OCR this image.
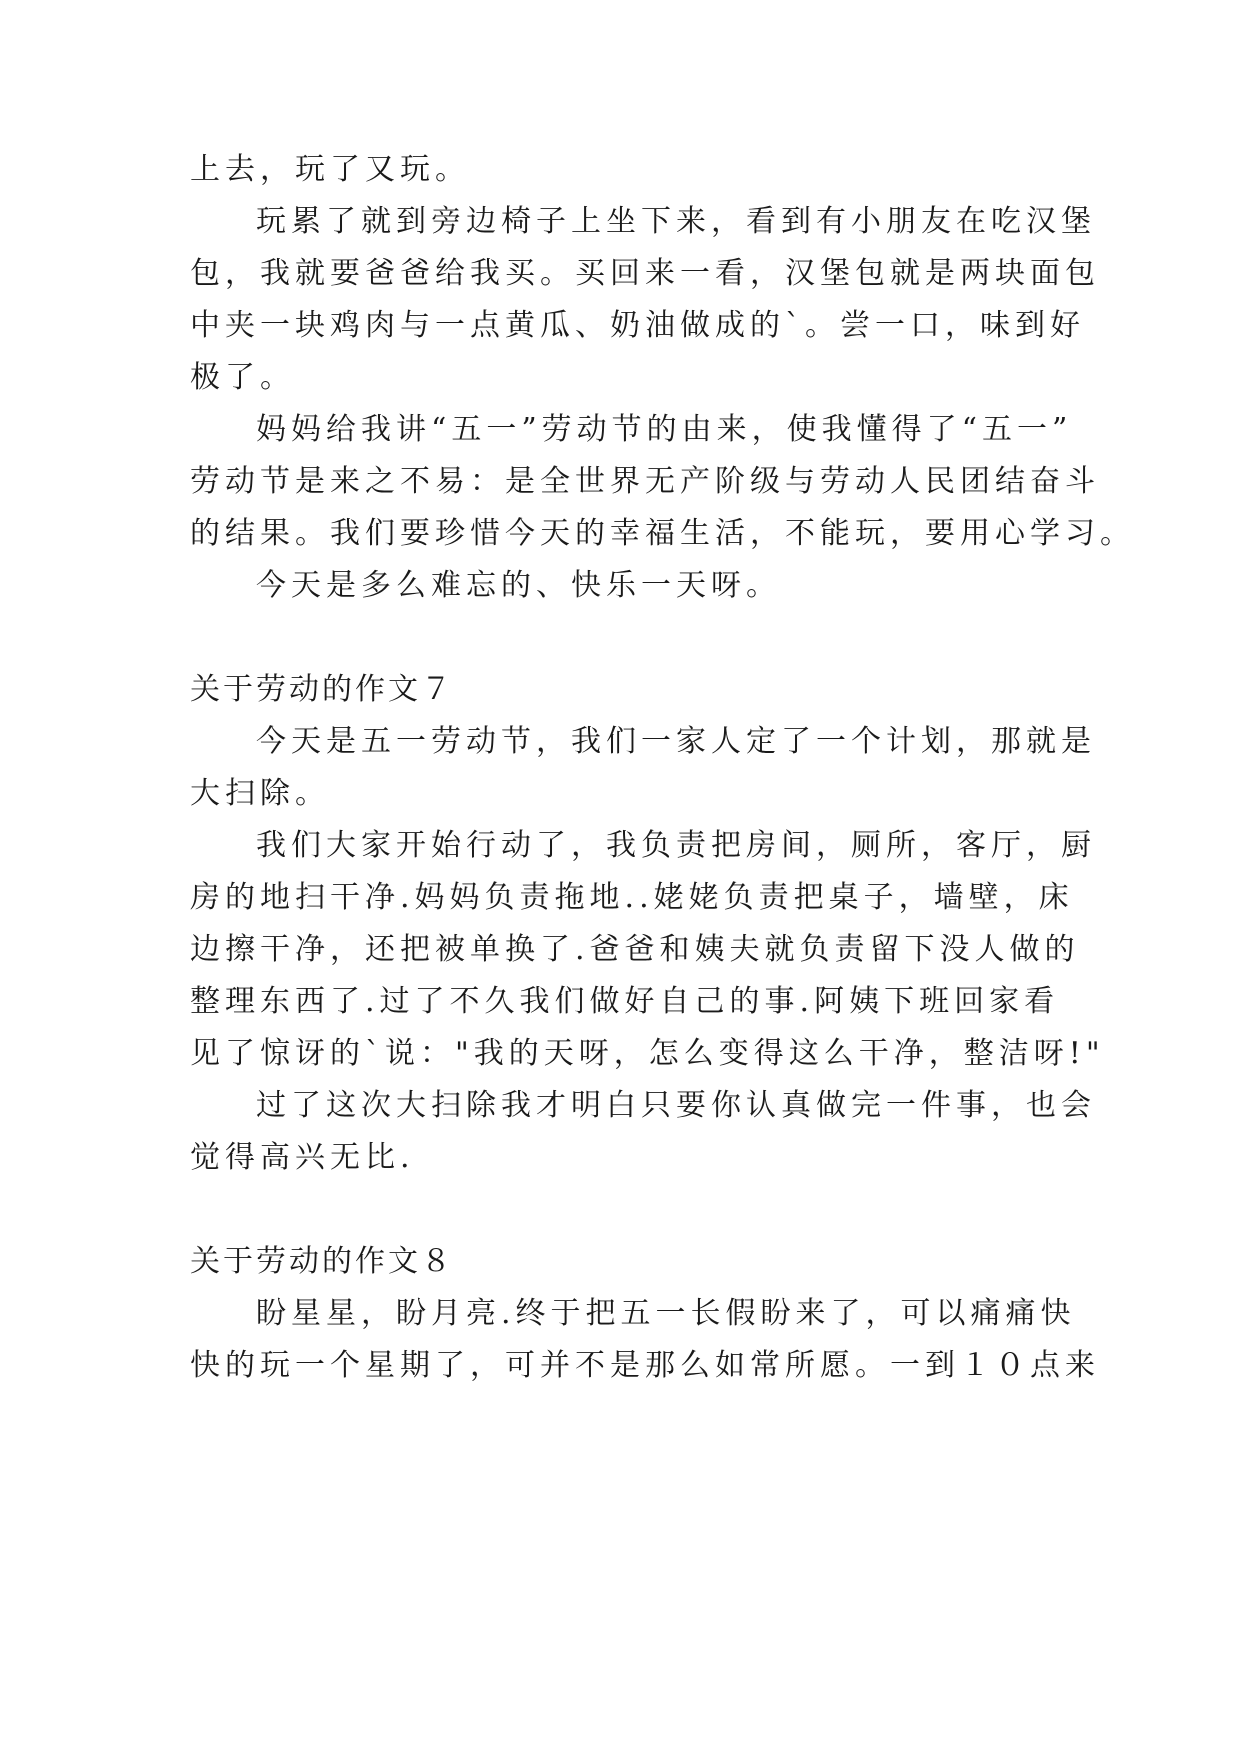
上去，玩了又玩。
玩累了就到旁边椅子上坐下来，看到有小朋友在吃汉堡
包，我就要爸爸给我买。买回来一看，汉堡包就是两块面包
中夹一块鸡肉与一点黄瓜、奶油做成的`。尝一口，味到好
极了。
妈妈给我讲“五一”劳动节的由来，使我懂得了“五一”
劳动节是来之不易：是全世界无产阶级与劳动人民团结奋斗
的结果。我们要珍惜今天的幸福生活，不能玩，要用心学习。
今天是多么难忘的、快乐一天呀。
关于劳动的作文７
今天是五一劳动节，我们一家人定了一个计划，那就是
大扫除。
我们大家开始行动了，我负责把房间，厕所，客厅，厨
房的地扫干净.妈妈负责拖地..姥姥负责把桌子，墙壁，床
边擦干净，还把被单换了.爸爸和姨夫就负责留下没人做的
整理东西了.过了不久我们做好自己的事.阿姨下班回家看
见了惊讶的`说："我的天呀，怎么变得这么干净，整洁呀!"
过了这次大扫除我才明白只要你认真做完一件事，也会
觉得高兴无比.
关于劳动的作文８
盼星星，盼月亮.终于把五一长假盼来了，可以痛痛快
快的玩一个星期了，可并不是那么如常所愿。一到１０点来
